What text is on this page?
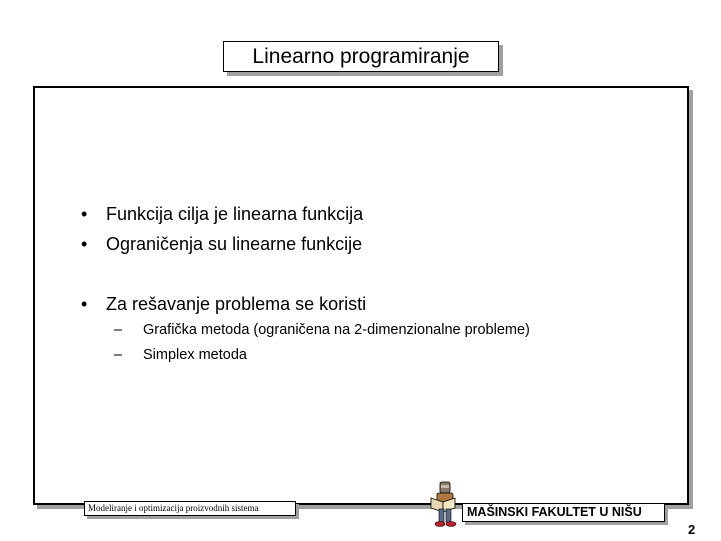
Linearno programiranje
• Funkcija cilja je linearna funkcija
• Ograničenja su linearne funkcije
• Za rešavanje problema se koristi
– Grafička metoda (ograničena na 2-dimenzionalne probleme)
– Simplex metoda
Modeliranje i optimizacija proizvodnih sistema	MAŠINSKI FAKULTET U NIŠU
2
